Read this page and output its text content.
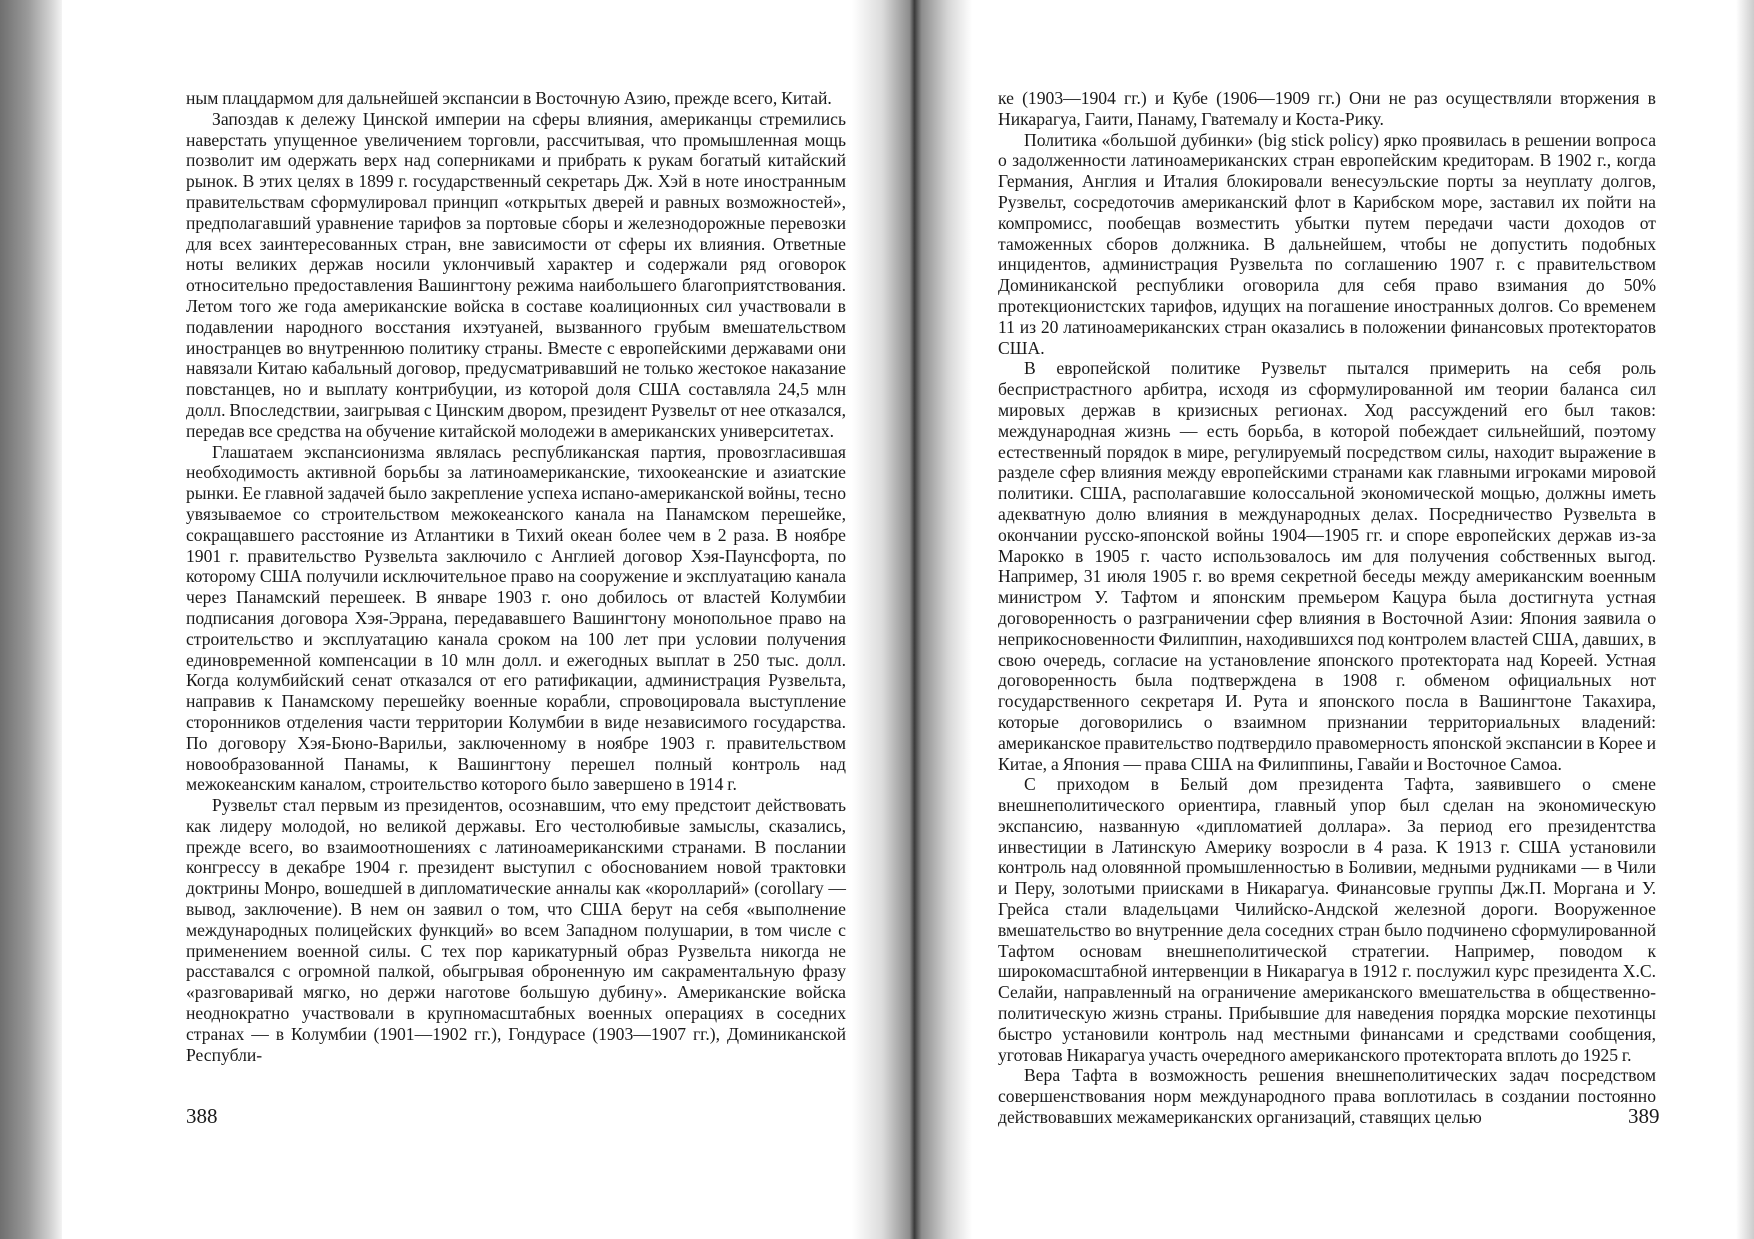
ным плацдармом для дальнейшей экспансии в Восточную Азию, прежде всего, Китай.

Запоздав к дележу Цинской империи на сферы влияния, американцы стремились наверстать упущенное увеличением торговли, рассчитывая, что промышленная мощь позволит им одержать верх над соперниками и прибрать к рукам богатый китайский рынок. В этих целях в 1899 г. государственный секретарь Дж. Хэй в ноте иностранным правительствам сформулировал принцип «открытых дверей и равных возможностей», предполагавший уравнение тарифов за портовые сборы и железнодорожные перевозки для всех заинтересованных стран, вне зависимости от сферы их влияния. Ответные ноты великих держав носили уклончивый характер и содержали ряд оговорок относительно предоставления Вашингтону режима наибольшего благоприятствования. Летом того же года американские войска в составе коалиционных сил участвовали в подавлении народного восстания ихэтуаней, вызванного грубым вмешательством иностранцев во внутреннюю политику страны. Вместе с европейскими державами они навязали Китаю кабальный договор, предусматривавший не только жестокое наказание повстанцев, но и выплату контрибуции, из которой доля США составляла 24,5 млн долл. Впоследствии, заигрывая с Цинским двором, президент Рузвельт от нее отказался, передав все средства на обучение китайской молодежи в американских университетах.

Глашатаем экспансионизма являлась республиканская партия, провозгласившая необходимость активной борьбы за латиноамериканские, тихоокеанские и азиатские рынки. Ее главной задачей было закрепление успеха испано-американской войны, тесно увязываемое со строительством межокеанского канала на Панамском перешейке, сокращавшего расстояние из Атлантики в Тихий океан более чем в 2 раза. В ноябре 1901 г. правительство Рузвельта заключило с Англией договор Хэя-Паунсфорта, по которому США получили исключительное право на сооружение и эксплуатацию канала через Панамский перешеек. В январе 1903 г. оно добилось от властей Колумбии подписания договора Хэя-Эррана, передававшего Вашингтону монопольное право на строительство и эксплуатацию канала сроком на 100 лет при условии получения единовременной компенсации в 10 млн долл. и ежегодных выплат в 250 тыс. долл. Когда колумбийский сенат отказался от его ратификации, администрация Рузвельта, направив к Панамскому перешейку военные корабли, спровоцировала выступление сторонников отделения части территории Колумбии в виде независимого государства. По договору Хэя-Бюно-Варильи, заключенному в ноябре 1903 г. правительством новообразованной Панамы, к Вашингтону перешел полный контроль над межокеанским каналом, строительство которого было завершено в 1914 г.

Рузвельт стал первым из президентов, осознавшим, что ему предстоит действовать как лидеру молодой, но великой державы. Его честолюбивые замыслы, сказались, прежде всего, во взаимоотношениях с латиноамериканскими странами. В послании конгрессу в декабре 1904 г. президент выступил с обоснованием новой трактовки доктрины Монро, вошедшей в дипломатические анналы как «королларий» (corollary — вывод, заключение). В нем он заявил о том, что США берут на себя «выполнение международных полицейских функций» во всем Западном полушарии, в том числе с применением военной силы. С тех пор карикатурный образ Рузвельта никогда не расставался с огромной палкой, обыгрывая оброненную им сакраментальную фразу «разговаривай мягко, но держи наготове большую дубину». Американские войска неоднократно участвовали в крупномасштабных военных операциях в соседних странах — в Колумбии (1901—1902 гг.), Гондурасе (1903—1907 гг.), Доминиканской Республи-

388

ке (1903—1904 гг.) и Кубе (1906—1909 гг.) Они не раз осуществляли вторжения в Никарагуа, Гаити, Панаму, Гватемалу и Коста-Рику.

Политика «большой дубинки» (big stick policy) ярко проявилась в решении вопроса о задолженности латиноамериканских стран европейским кредиторам. В 1902 г., когда Германия, Англия и Италия блокировали венесуэльские порты за неуплату долгов, Рузвельт, сосредоточив американский флот в Карибском море, заставил их пойти на компромисс, пообещав возместить убытки путем передачи части доходов от таможенных сборов должника. В дальнейшем, чтобы не допустить подобных инцидентов, администрация Рузвельта по соглашению 1907 г. с правительством Доминиканской республики оговорила для себя право взимания до 50% протекционистских тарифов, идущих на погашение иностранных долгов. Со временем 11 из 20 латиноамериканских стран оказались в положении финансовых протекторатов США.

В европейской политике Рузвельт пытался примерить на себя роль беспристрастного арбитра, исходя из сформулированной им теории баланса сил мировых держав в кризисных регионах. Ход рассуждений его был таков: международная жизнь — есть борьба, в которой побеждает сильнейший, поэтому естественный порядок в мире, регулируемый посредством силы, находит выражение в разделе сфер влияния между европейскими странами как главными игроками мировой политики. США, располагавшие колоссальной экономической мощью, должны иметь адекватную долю влияния в международных делах. Посредничество Рузвельта в окончании русско-японской войны 1904—1905 гг. и споре европейских держав из-за Марокко в 1905 г. часто использовалось им для получения собственных выгод. Например, 31 июля 1905 г. во время секретной беседы между американским военным министром У. Тафтом и японским премьером Кацура была достигнута устная договоренность о разграничении сфер влияния в Восточной Азии: Япония заявила о неприкосновенности Филиппин, находившихся под контролем властей США, давших, в свою очередь, согласие на установление японского протектората над Кореей. Устная договоренность была подтверждена в 1908 г. обменом официальных нот государственного секретаря И. Рута и японского посла в Вашингтоне Такахира, которые договорились о взаимном признании территориальных владений: американское правительство подтвердило правомерность японской экспансии в Корее и Китае, а Япония — права США на Филиппины, Гавайи и Восточное Самоа.

С приходом в Белый дом президента Тафта, заявившего о смене внешнеполитического ориентира, главный упор был сделан на экономическую экспансию, названную «дипломатией доллара». За период его президентства инвестиции в Латинскую Америку возросли в 4 раза. К 1913 г. США установили контроль над оловянной промышленностью в Боливии, медными рудниками — в Чили и Перу, золотыми приисками в Никарагуа. Финансовые группы Дж.П. Моргана и У. Грейса стали владельцами Чилийско-Андской железной дороги. Вооруженное вмешательство во внутренние дела соседних стран было подчинено сформулированной Тафтом основам внешнеполитической стратегии. Например, поводом к широкомасштабной интервенции в Никарагуа в 1912 г. послужил курс президента Х.С. Селайи, направленный на ограничение американского вмешательства в общественно-политическую жизнь страны. Прибывшие для наведения порядка морские пехотинцы быстро установили контроль над местными финансами и средствами сообщения, уготовав Никарагуа участь очередного американского протектората вплоть до 1925 г.

Вера Тафта в возможность решения внешнеполитических задач посредством совершенствования норм международного права воплотилась в создании постоянно действовавших межамериканских организаций, ставящих целью	389
